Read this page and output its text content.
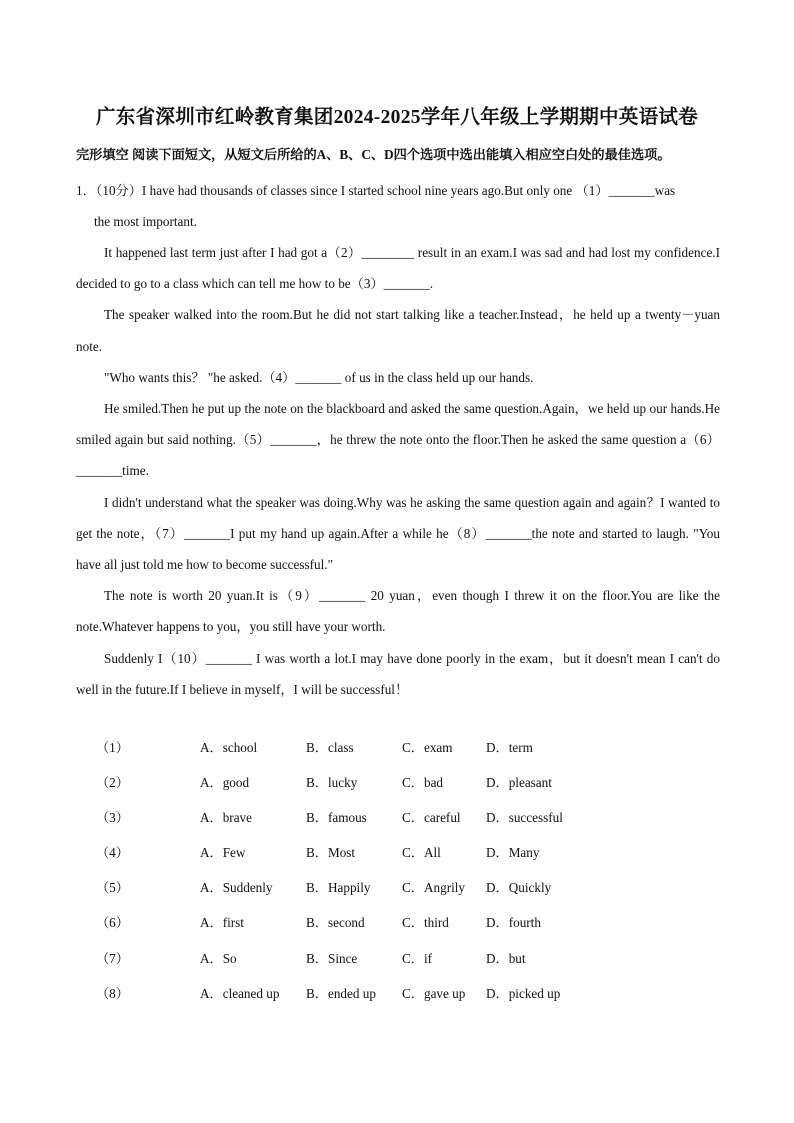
广东省深圳市红岭教育集团2024-2025学年八年级上学期期中英语试卷
完形填空 阅读下面短文，从短文后所给的A、B、C、D四个选项中选出能填入相应空白处的最佳选项。
1．（10分）I have had thousands of classes since I started school nine years ago.But only one （1）_______was
the most important.

It happened last term just after I had got a（2）________ result in an exam.I was sad and had lost my confidence.I decided to go to a class which can tell me how to be（3）_______.

The speaker walked into the room.But he did not start talking like a teacher.Instead，he held up a twenty－yuan note.

"Who wants this？ "he asked.（4）_______ of us in the class held up our hands.

He smiled.Then he put up the note on the blackboard and asked the same question.Again，we held up our hands.He smiled again but said nothing.（5）_______，he threw the note onto the floor.Then he asked the same question a（6）_______time.

I didn't understand what the speaker was doing.Why was he asking the same question again and again？I wanted to get the note，（7）_______I put my hand up again.After a while he（8）_______the note and started to laugh. "You have all just told me how to become successful."

The note is worth 20 yuan.It is（9）_______ 20 yuan，even though I threw it on the floor.You are like the note.Whatever happens to you，you still have your worth.

Suddenly I（10）_______ I was worth a lot.I may have done poorly in the exam，but it doesn't mean I can't do well in the future.If I believe in myself，I will be successful！

（1）	A．school	B．class	C．exam	D．term
（2）	A．good	B．lucky	C．bad	D．pleasant
（3）	A．brave	B．famous	C．careful D．successful
（4）	A．Few	B．Most	C．All	D．Many
（5）	A．Suddenly	B．Happily C．Angrily D．Quickly
（6）	A．first	B．second	C．third	D．fourth
（7）	A．So	B．Since	C．if	D．but
（8）	A．cleaned up B．ended up C．gave up D．picked up
